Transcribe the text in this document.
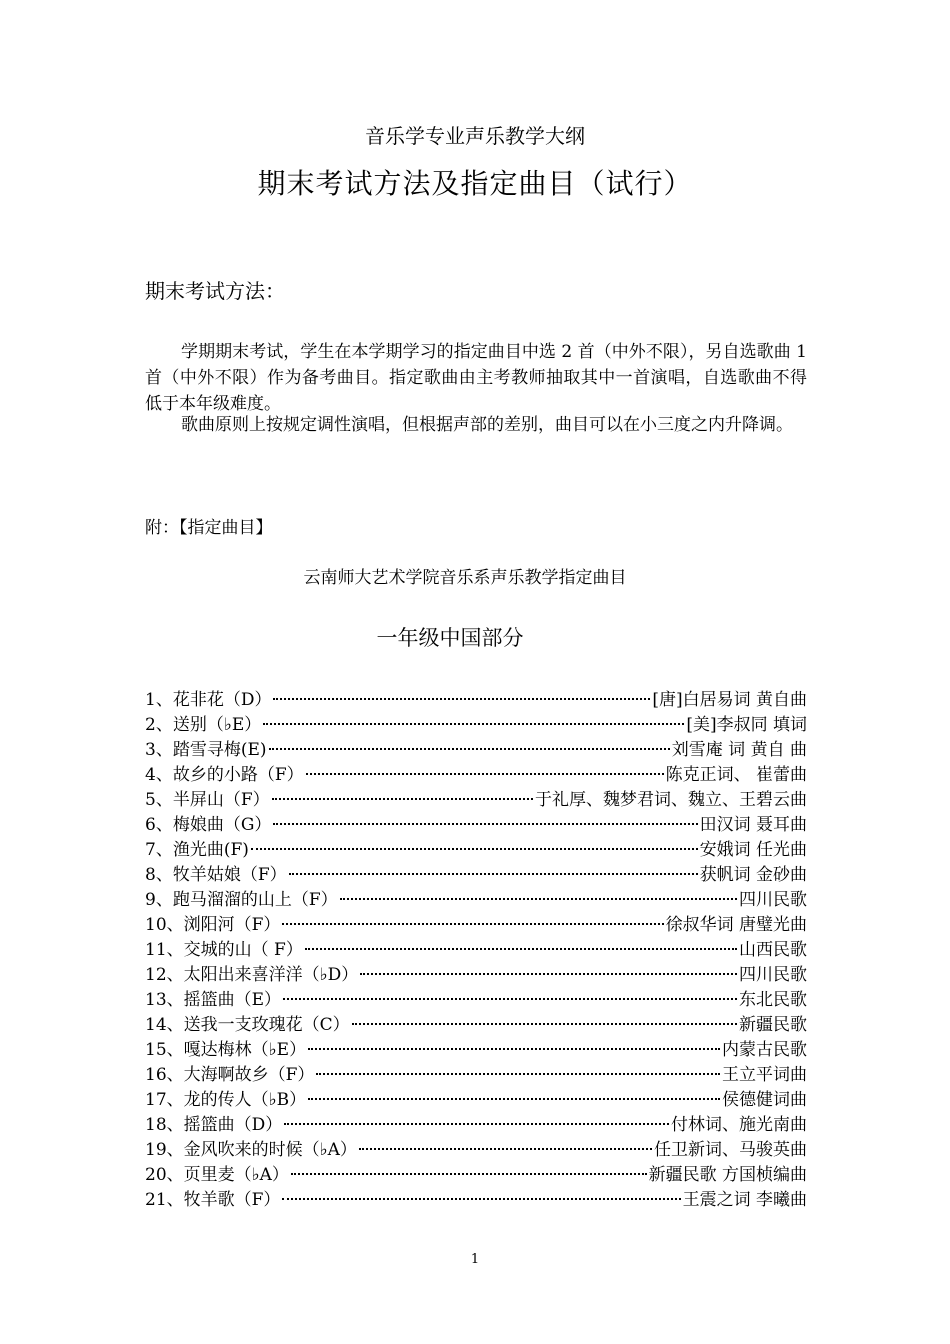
音乐学专业声乐教学大纲
期末考试方法及指定曲目（试行）
期末考试方法：
学期期末考试，学生在本学期学习的指定曲目中选 2 首（中外不限），另自选歌曲 1 首（中外不限）作为备考曲目。指定歌曲由主考教师抽取其中一首演唱，自选歌曲不得低于本年级难度。
歌曲原则上按规定调性演唱，但根据声部的差别，曲目可以在小三度之内升降调。
附：【指定曲目】
云南师大艺术学院音乐系声乐教学指定曲目
一年级中国部分
1、 花非花（D）	[唐]白居易词 黄自曲
2、 送别（♭E）	[美]李叔同 填词
3、 踏雪寻梅(E)	刘雪庵 词 黄自 曲
4、 故乡的小路（F）	陈克正词、 崔蕾曲
5、 半屏山（F）	于礼厚、魏梦君词、魏立、王碧云曲
6、 梅娘曲（G）	田汉词 聂耳曲
7、 渔光曲(F)	安娥词 任光曲
8、 牧羊姑娘（F）	获帆词 金砂曲
9、 跑马溜溜的山上（F）	四川民歌
10、 浏阳河（F）	徐叔华词 唐璧光曲
11、 交城的山（ F）	山西民歌
12、 太阳出来喜洋洋（♭D）	四川民歌
13、 摇篮曲（E）	东北民歌
14、 送我一支玫瑰花（C）	新疆民歌
15、 嘎达梅林（♭E）	内蒙古民歌
16、 大海啊故乡（F）	王立平词曲
17、 龙的传人（♭B）	侯德健词曲
18、 摇篮曲（D）	付林词、施光南曲
19、 金风吹来的时候（♭A）	任卫新词、马骏英曲
20、 页里麦（♭A）	新疆民歌 方国桢编曲
21、 牧羊歌（F）	王震之词 李曦曲
1
